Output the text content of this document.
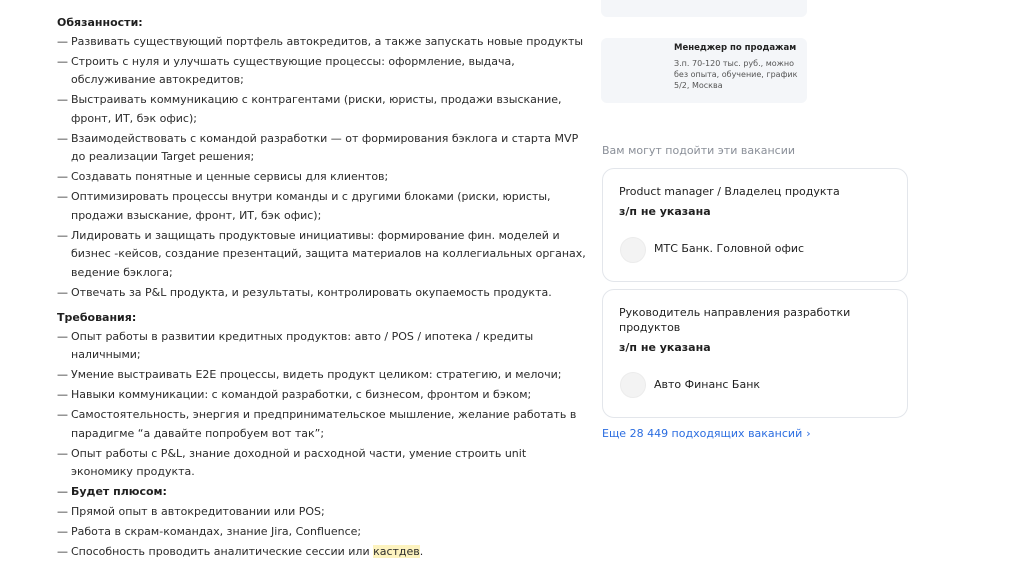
Обязанности:
— Развивать существующий портфель автокредитов, а также запускать новые продукты
— Строить с нуля и улучшать существующие процессы: оформление, выдача, обслуживание автокредитов;
— Выстраивать коммуникацию с контрагентами (риски, юристы, продажи взыскание, фронт, ИТ, бэк офис);
— Взаимодействовать с командой разработки — от формирования бэклога и старта MVP до реализации Target решения;
— Создавать понятные и ценные сервисы для клиентов;
— Оптимизировать процессы внутри команды и с другими блоками (риски, юристы, продажи взыскание, фронт, ИТ, бэк офис);
— Лидировать и защищать продуктовые инициативы: формирование фин. моделей и бизнес -кейсов, создание презентаций, защита материалов на коллегиальных органах, ведение бэклога;
— Отвечать за P&L продукта, и результаты, контролировать окупаемость продукта.
Требования:
— Опыт работы в развитии кредитных продуктов: авто / POS / ипотека / кредиты наличными;
— Умение выстраивать E2E процессы, видеть продукт целиком: стратегию, и мелочи;
— Навыки коммуникации: с командой разработки, с бизнесом, фронтом и бэком;
— Самостоятельность, энергия и предпринимательское мышление, желание работать в парадигме “а давайте попробуем вот так”;
— Опыт работы с P&L, знание доходной и расходной части, умение строить unit экономику продукта.
— Будет плюсом:
— Прямой опыт в автокредитовании или POS;
— Работа в скрам-командах, знание Jira, Confluence;
— Способность проводить аналитические сессии или кастдев.
Менеджер по продажам
З.п. 70-120 тыс. руб., можно без опыта, обучение, график 5/2, Москва
Вам могут подойти эти вакансии
Product manager / Владелец продукта
з/п не указана
МТС Банк. Головной офис
Руководитель направления разработки продуктов
з/п не указана
Авто Финанс Банк
Еще 28 449 подходящих вакансий ›
